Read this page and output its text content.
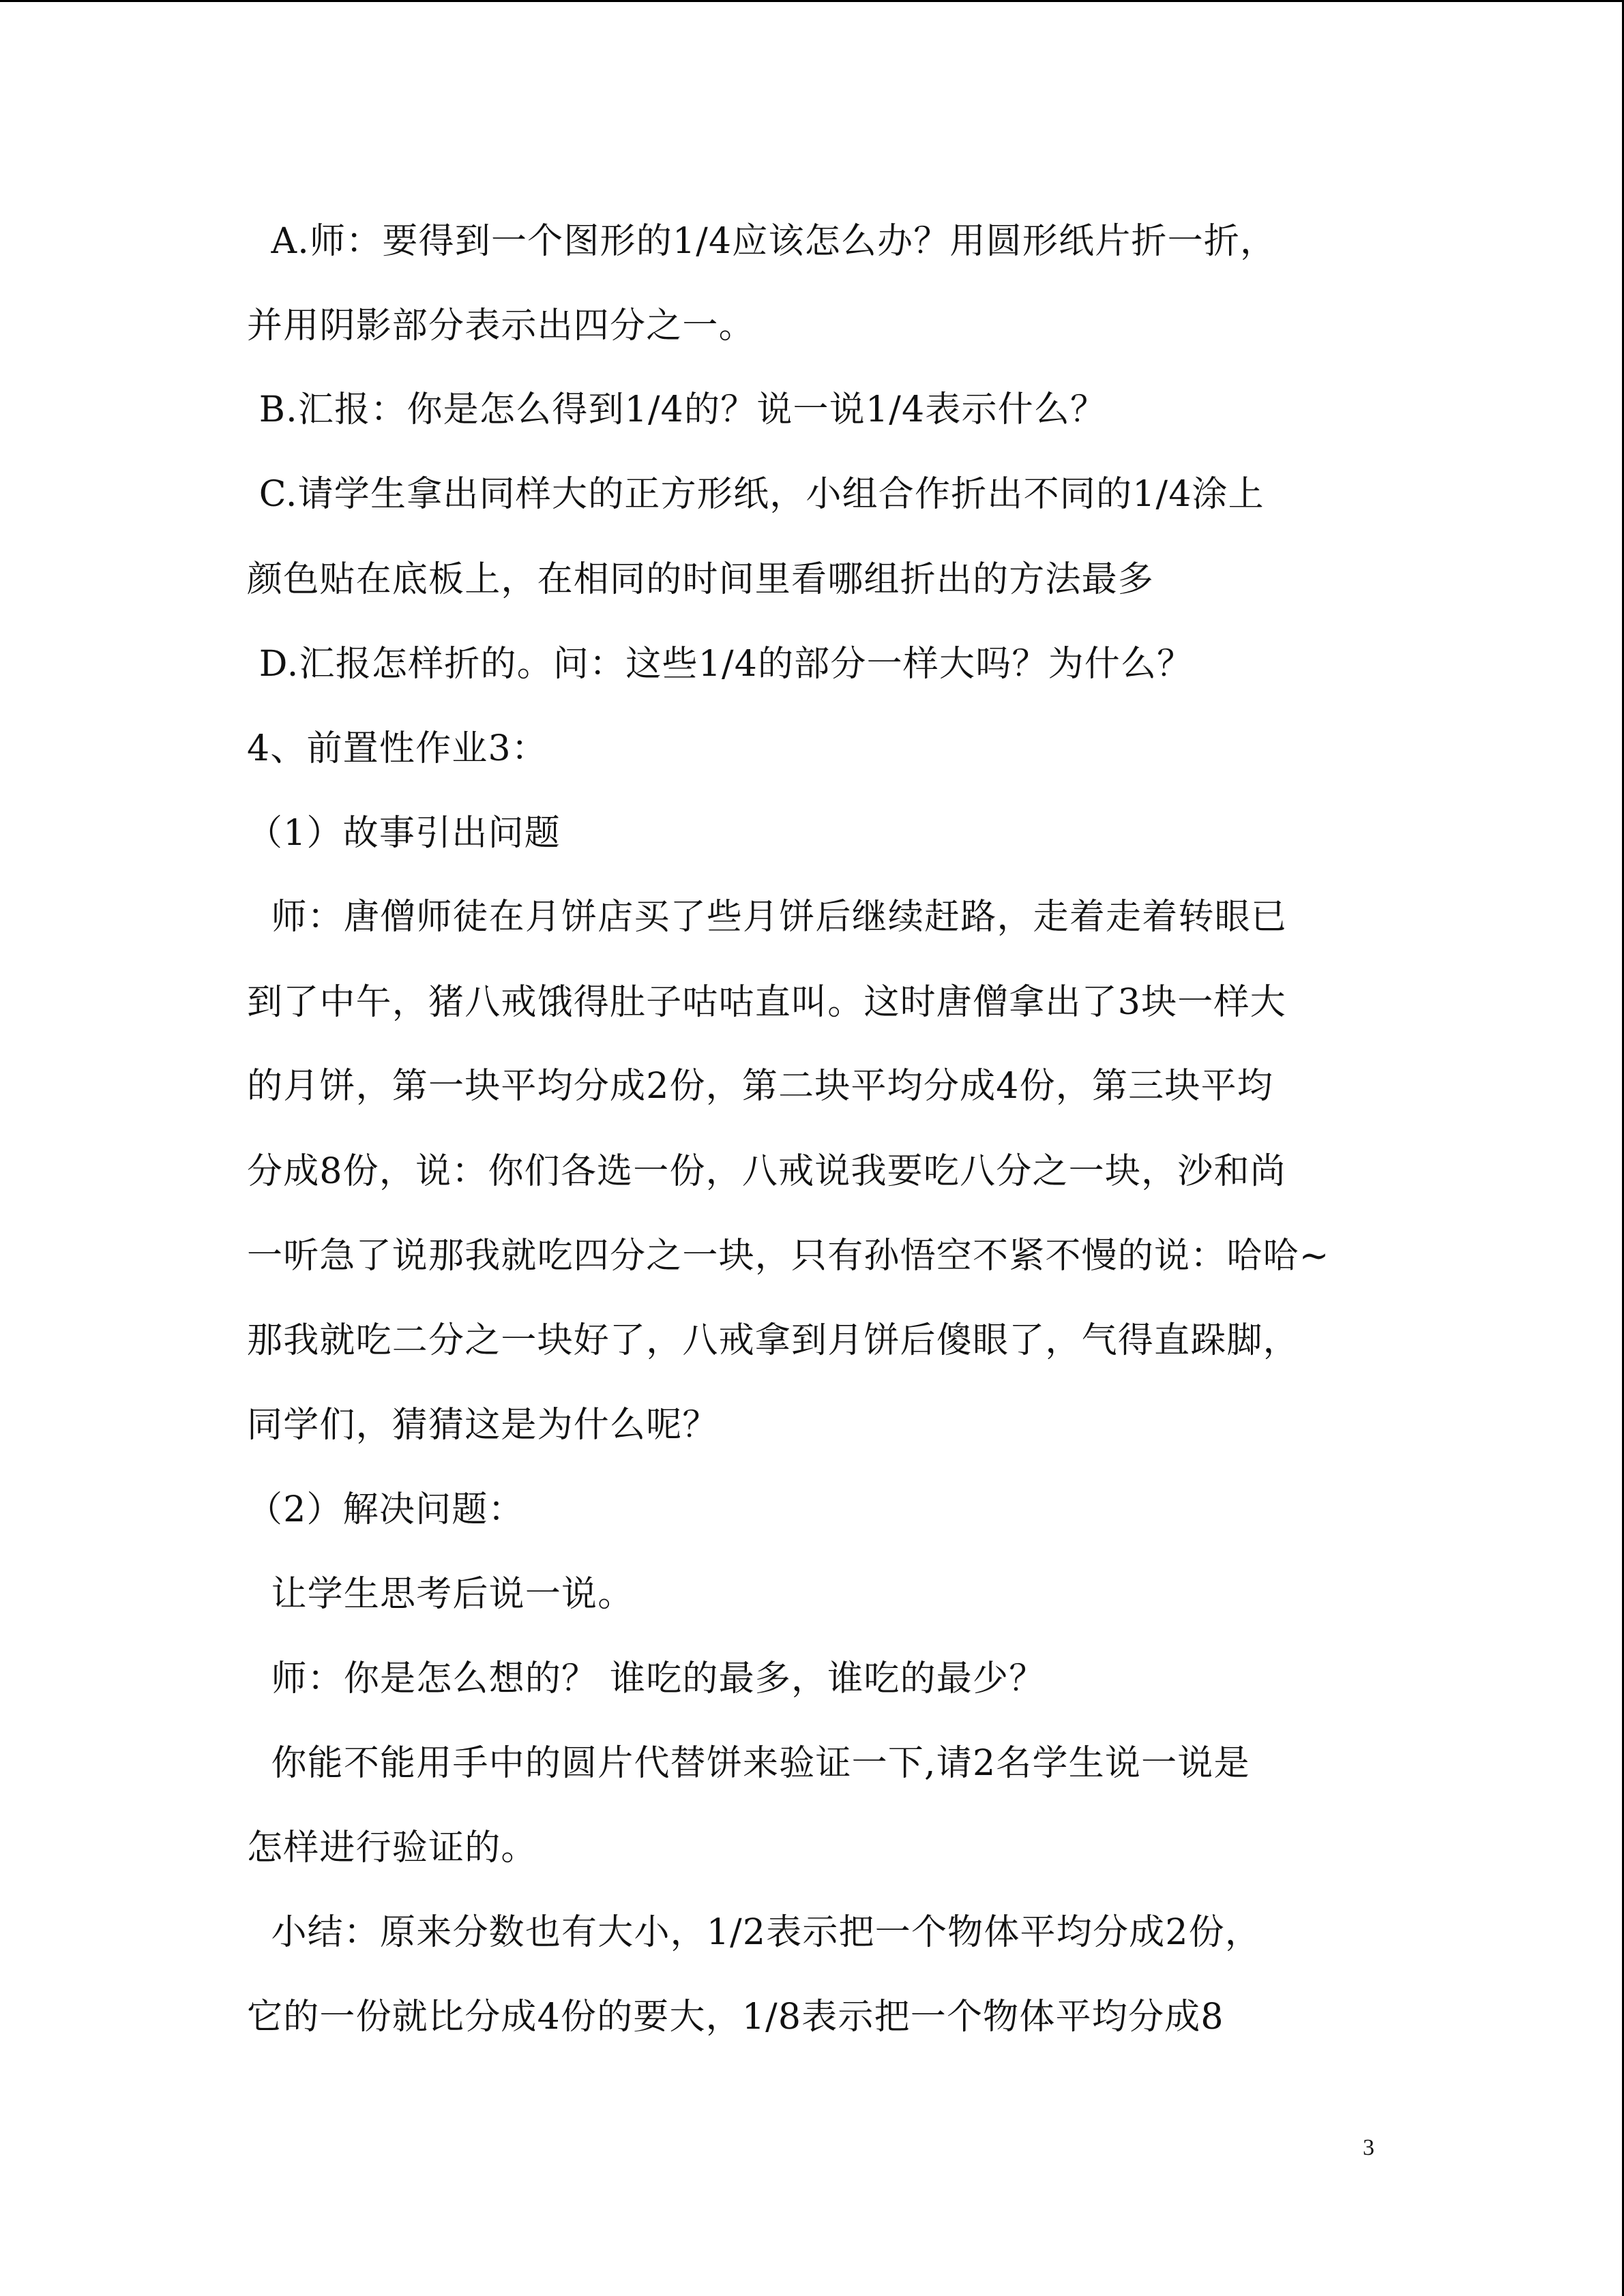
A.师：要得到一个图形的1/4应该怎么办？用圆形纸片折一折，
并用阴影部分表示出四分之一。
B.汇报：你是怎么得到1/4的？说一说1/4表示什么？
C.请学生拿出同样大的正方形纸，小组合作折出不同的1/4涂上
颜色贴在底板上，在相同的时间里看哪组折出的方法最多
D.汇报怎样折的。问：这些1/4的部分一样大吗？为什么？
4、前置性作业3：
（1）故事引出问题
师：唐僧师徒在月饼店买了些月饼后继续赶路，走着走着转眼已
到了中午，猪八戒饿得肚子咕咕直叫。这时唐僧拿出了3块一样大
的月饼，第一块平均分成2份，第二块平均分成4份，第三块平均
分成8份，说：你们各选一份，八戒说我要吃八分之一块，沙和尚
一听急了说那我就吃四分之一块，只有孙悟空不紧不慢的说：哈哈~
那我就吃二分之一块好了，八戒拿到月饼后傻眼了，气得直跺脚，
同学们，猜猜这是为什么呢？
（2）解决问题：
让学生思考后说一说。
师：你是怎么想的？ 谁吃的最多，谁吃的最少？
你能不能用手中的圆片代替饼来验证一下,请2名学生说一说是
怎样进行验证的。
小结：原来分数也有大小，1/2表示把一个物体平均分成2份，
它的一份就比分成4份的要大，1/8表示把一个物体平均分成8
3
